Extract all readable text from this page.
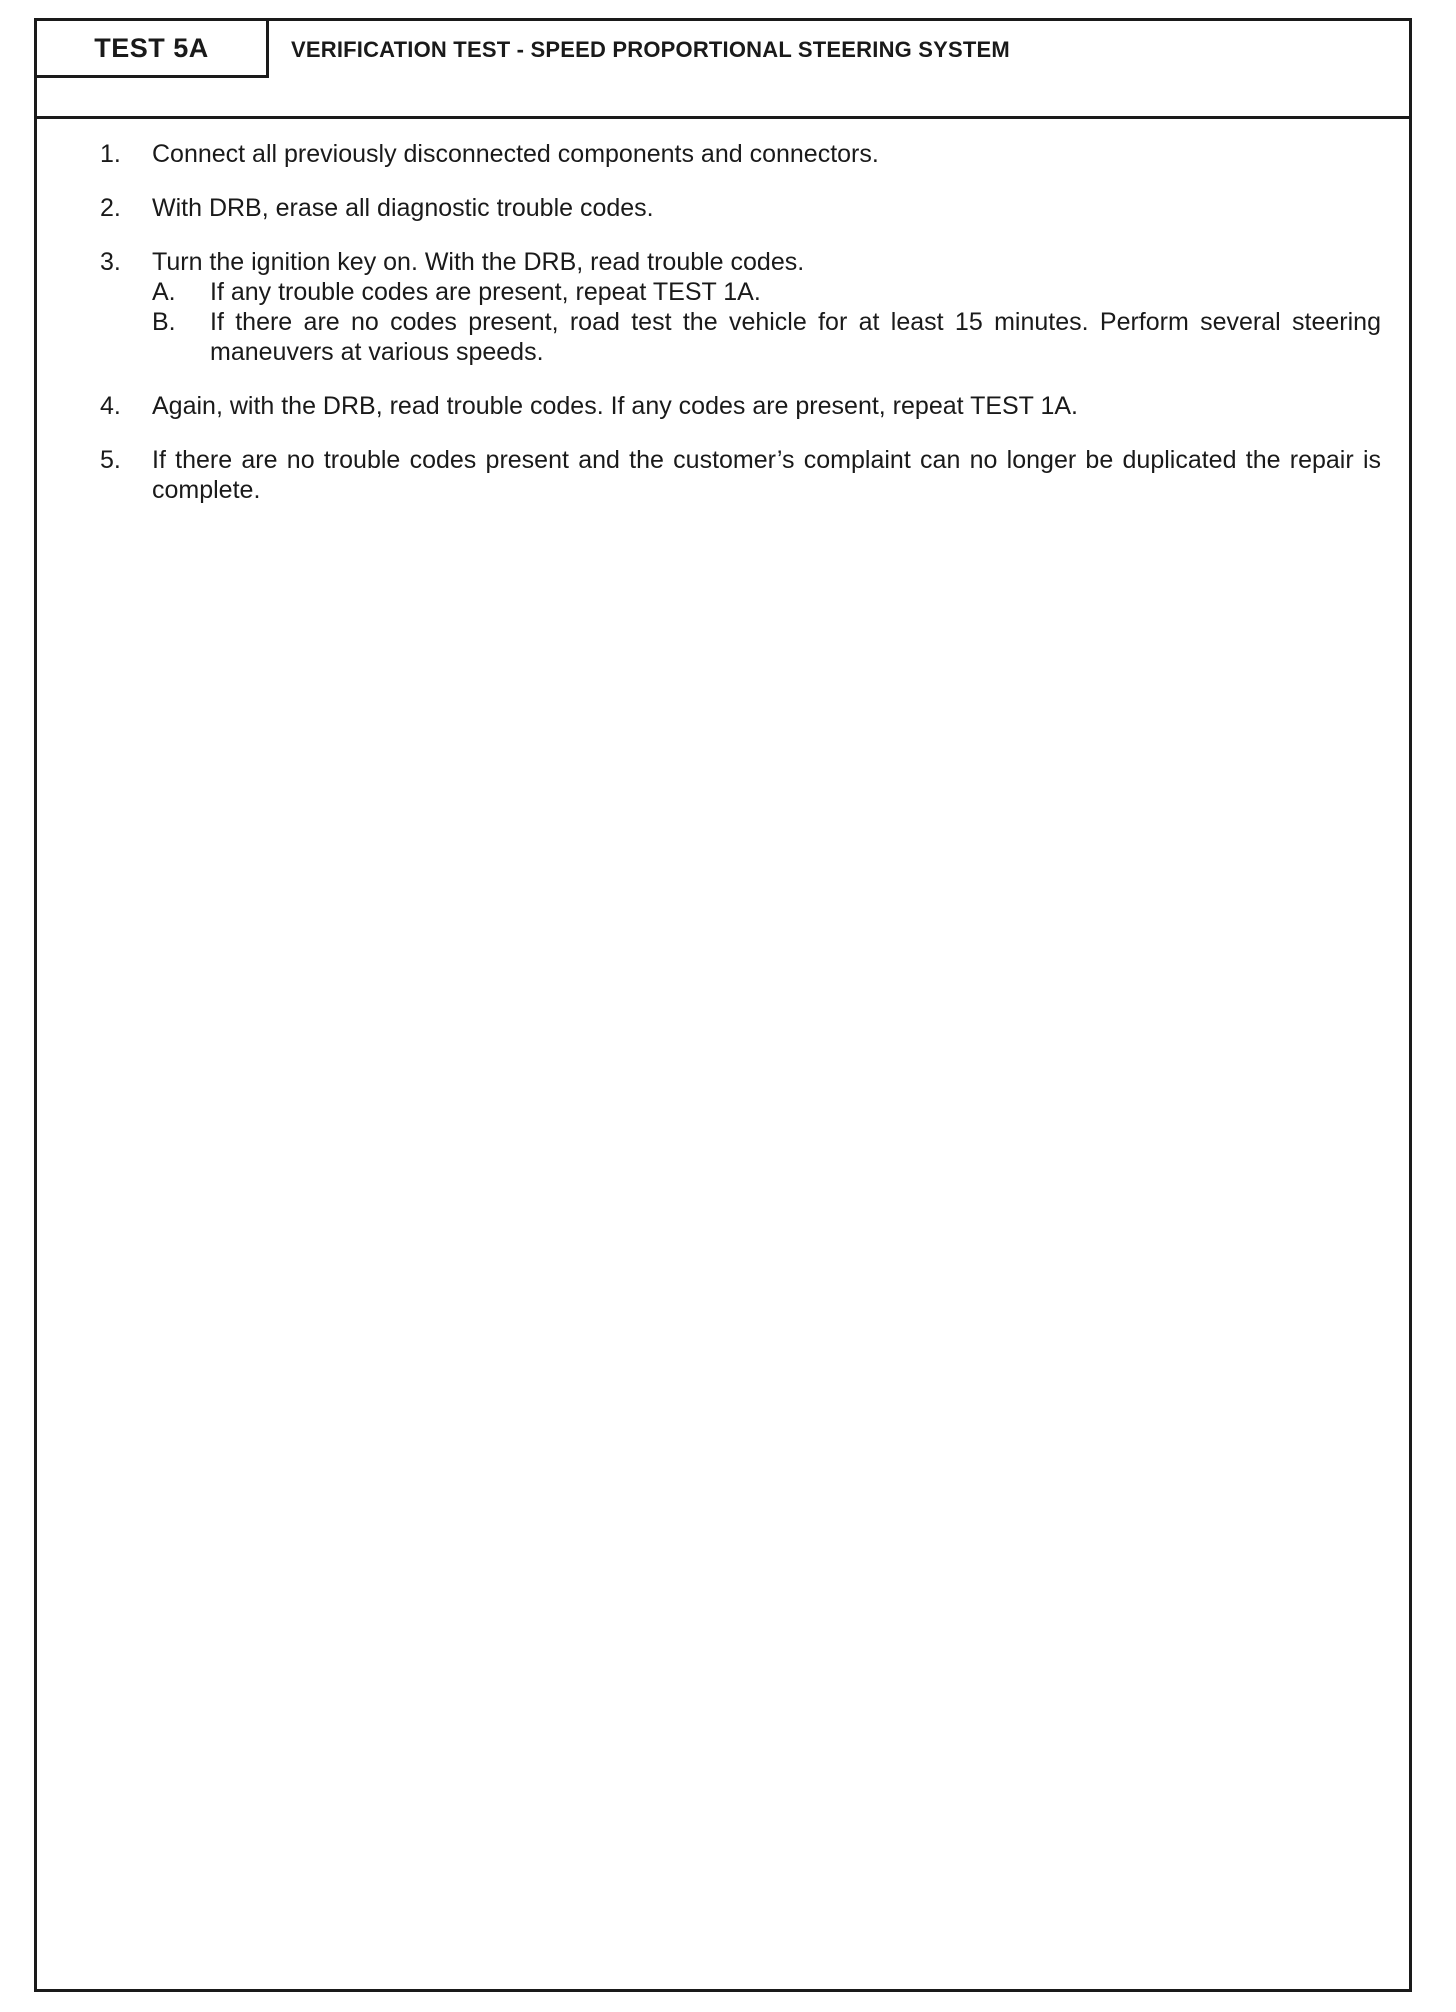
TEST 5A	VERIFICATION TEST - SPEED PROPORTIONAL STEERING SYSTEM
1.	Connect all previously disconnected components and connectors.
2.	With DRB, erase all diagnostic trouble codes.
3.	Turn the ignition key on. With the DRB, read trouble codes.
A. If any trouble codes are present, repeat TEST 1A.
B. If there are no codes present, road test the vehicle for at least 15 minutes. Perform several steering maneuvers at various speeds.
4.	Again, with the DRB, read trouble codes. If any codes are present, repeat TEST 1A.
5.	If there are no trouble codes present and the customer’s complaint can no longer be duplicated the repair is complete.
